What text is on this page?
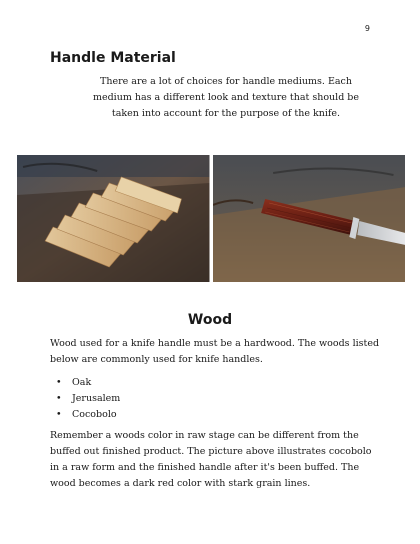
9
Handle Material
There are a lot of choices for handle mediums. Each medium has a different look and texture that should be taken into account for the purpose of the knife.
Wood
Wood used for a knife handle must be a hardwood. The woods listed below are commonly used for knife handles.
• Oak
• Jerusalem
• Cocobolo
Remember a woods color in raw stage can be different from the buffed out finished product. The picture above illustrates cocobolo in a raw form and the finished handle after it's been buffed. The wood becomes a dark red color with stark grain lines.
